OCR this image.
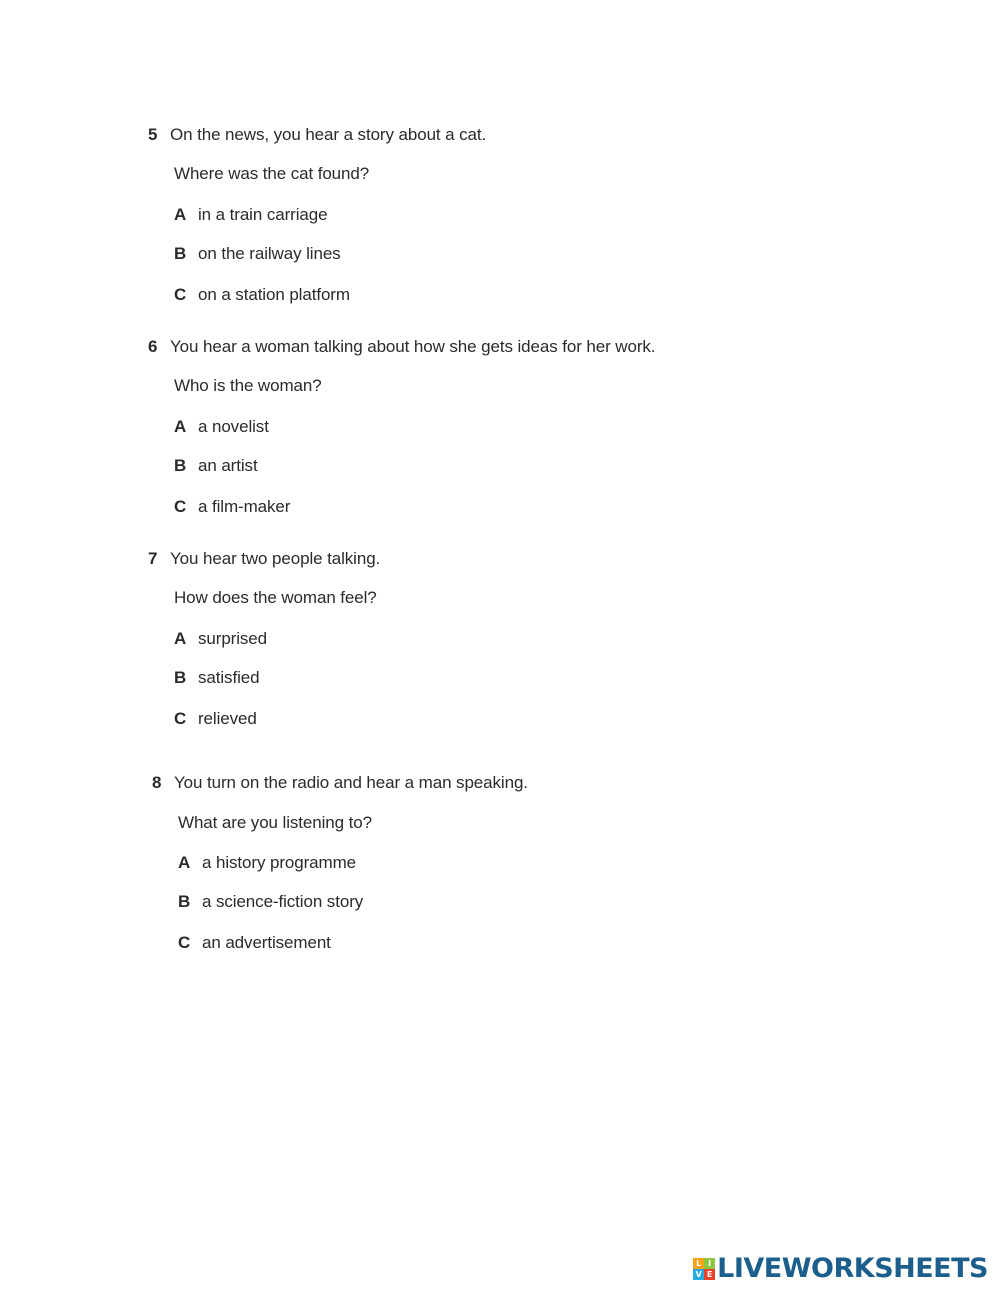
5 On the news, you hear a story about a cat.
Where was the cat found?
A in a train carriage
B on the railway lines
C on a station platform
6 You hear a woman talking about how she gets ideas for her work.
Who is the woman?
A a novelist
B an artist
C a film-maker
7 You hear two people talking.
How does the woman feel?
A surprised
B satisfied
C relieved
8 You turn on the radio and hear a man speaking.
What are you listening to?
A a history programme
B a science-fiction story
C an advertisement
L I
V E LIVEWORKSHEETS
